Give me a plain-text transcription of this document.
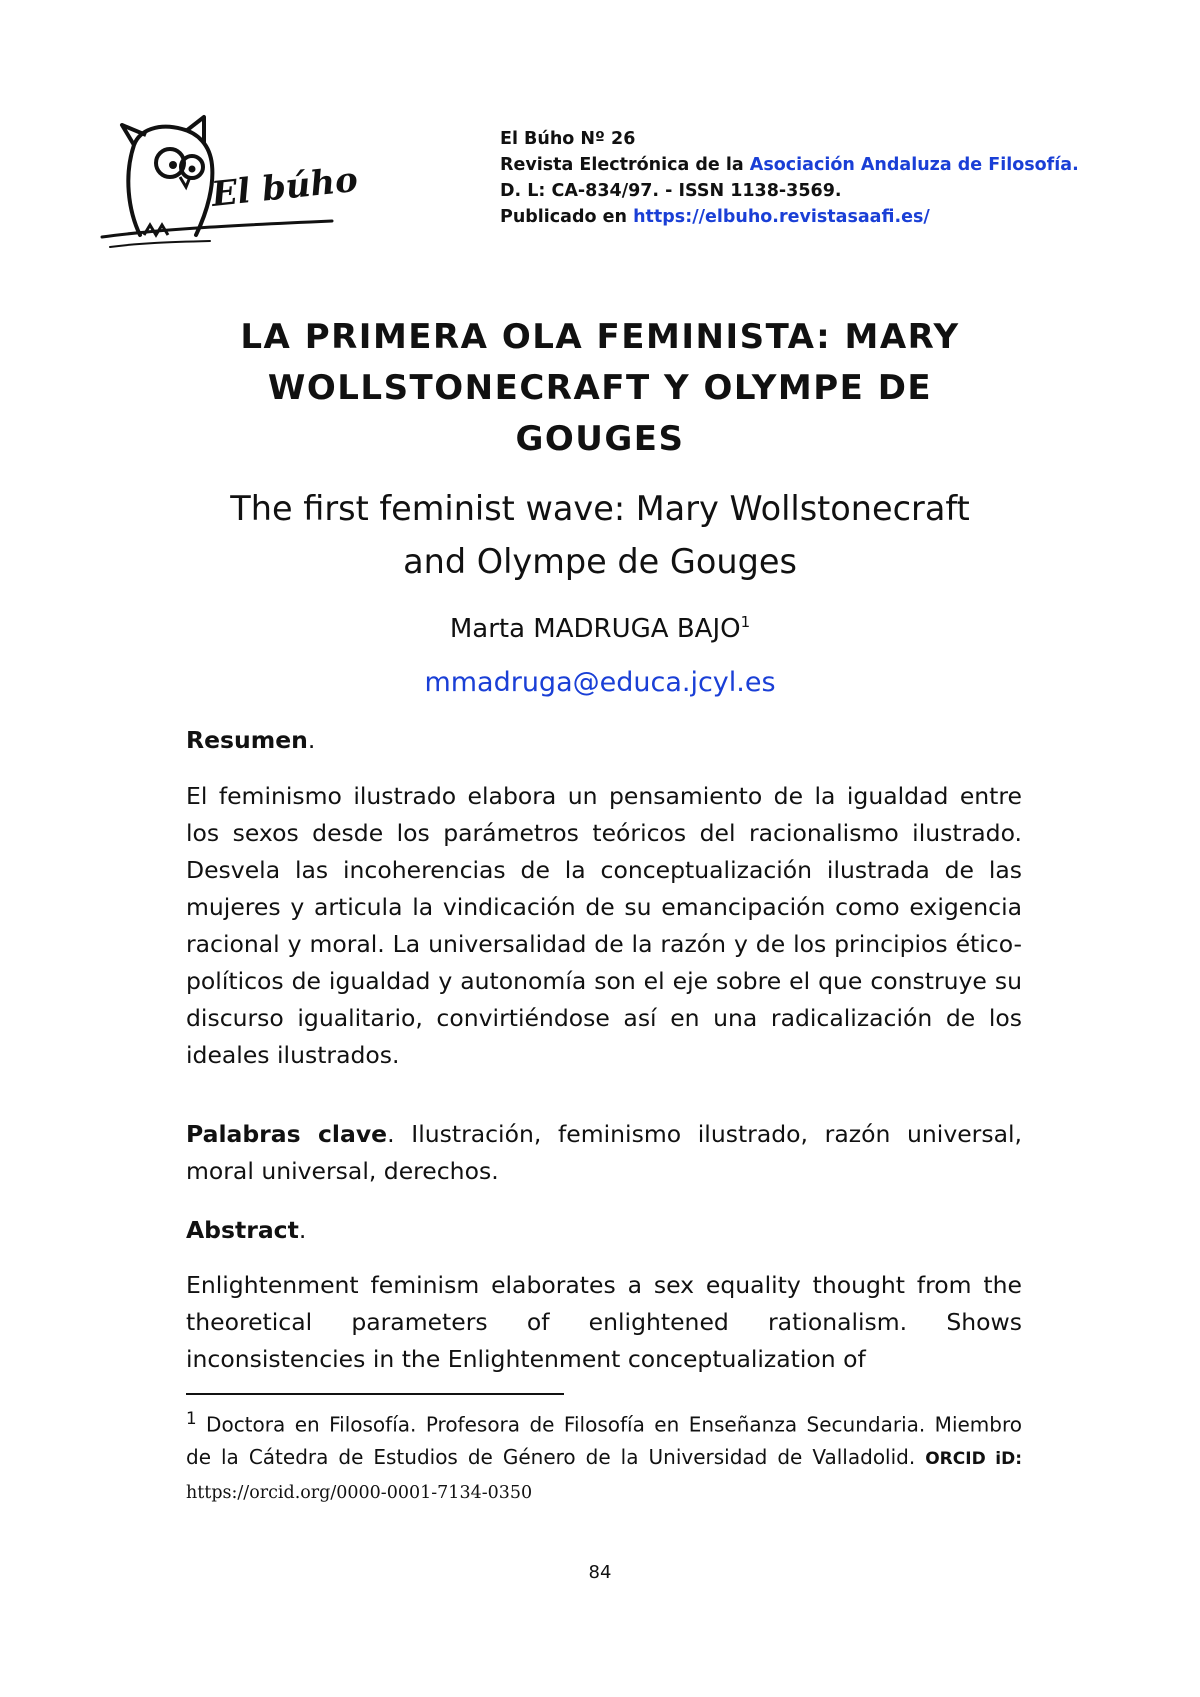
El búho
El Búho Nº 26
Revista Electrónica de la Asociación Andaluza de Filosofía.
D. L: CA-834/97. - ISSN 1138-3569.
Publicado en https://elbuho.revistasaafi.es/
LA PRIMERA OLA FEMINISTA: MARY
WOLLSTONECRAFT Y OLYMPE DE
GOUGES
The first feminist wave: Mary Wollstonecraft
and Olympe de Gouges
Marta MADRUGA BAJO$^1$
mmadruga@educa.jcyl.es
Resumen.
El feminismo ilustrado elabora un pensamiento de la igualdad entre los sexos desde los parámetros teóricos del racionalismo ilustrado. Desvela las incoherencias de la conceptualización ilustrada de las mujeres y articula la vindicación de su emancipación como exigencia racional y moral. La universalidad de la razón y de los principios ético-políticos de igualdad y autonomía son el eje sobre el que construye su discurso igualitario, convirtiéndose así en una radicalización de los ideales ilustrados.
Palabras clave. Ilustración, feminismo ilustrado, razón universal, moral universal, derechos.
Abstract.
Enlightenment feminism elaborates a sex equality thought from the theoretical parameters of enlightened rationalism. Shows inconsistencies in the Enlightenment conceptualization of
$^1$ Doctora en Filosofía. Profesora de Filosofía en Enseñanza Secundaria. Miembro de la Cátedra de Estudios de Género de la Universidad de Valladolid. ORCID iD: https://orcid.org/0000-0001-7134-0350
84
